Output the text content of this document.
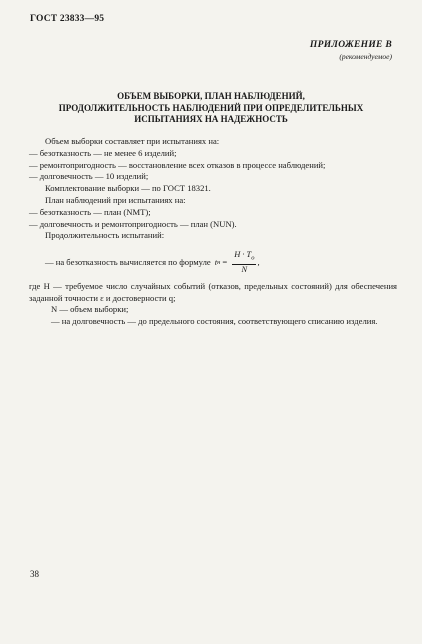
ГОСТ 23833—95
ПРИЛОЖЕНИЕ В
(рекомендуемое)
ОБЪЕМ ВЫБОРКИ, ПЛАН НАБЛЮДЕНИЙ,
ПРОДОЛЖИТЕЛЬНОСТЬ НАБЛЮДЕНИЙ ПРИ ОПРЕДЕЛИТЕЛЬНЫХ
ИСПЫТАНИЯХ НА НАДЕЖНОСТЬ
Объем выборки составляет при испытаниях на:
— безотказность — не менее 6 изделий;
— ремонтопригодность — восстановление всех отказов в процессе наблюдений;
— долговечность — 10 изделий;
Комплектование выборки — по ГОСТ 18321.
План наблюдений при испытаниях на:
— безотказность — план (NMT);
— долговечность и ремонтопригодность — план (NUN).
Продолжительность испытаний:
— на безотказность вычисляется по формуле t $н = \frac{H \cdot T_о}{N}$ ,
где H — требуемое число случайных событий (отказов, предельных состояний) для обеспечения заданной точности ε и достоверности q;
N — объем выборки;
— на долговечность — до предельного состояния, соответствующего списанию изделия.
38
